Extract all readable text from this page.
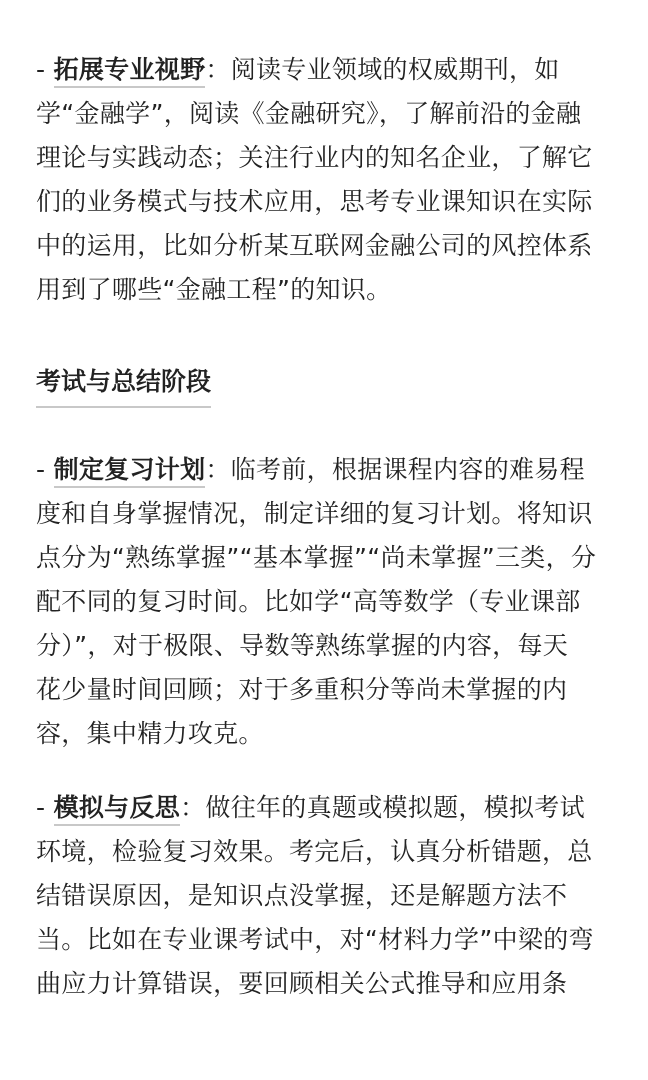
- 拓展专业视野：阅读专业领域的权威期刊，如
学“金融学”，阅读《金融研究》，了解前沿的金融
理论与实践动态；关注行业内的知名企业，了解它
们的业务模式与技术应用，思考专业课知识在实际
中的运用，比如分析某互联网金融公司的风控体系
用到了哪些“金融工程”的知识。
考试与总结阶段
- 制定复习计划：临考前，根据课程内容的难易程
度和自身掌握情况，制定详细的复习计划。将知识
点分为“熟练掌握”“基本掌握”“尚未掌握”三类，分
配不同的复习时间。比如学“高等数学（专业课部
分）”，对于极限、导数等熟练掌握的内容，每天
花少量时间回顾；对于多重积分等尚未掌握的内
容，集中精力攻克。
- 模拟与反思：做往年的真题或模拟题，模拟考试
环境，检验复习效果。考完后，认真分析错题，总
结错误原因，是知识点没掌握，还是解题方法不
当。比如在专业课考试中，对“材料力学”中梁的弯
曲应力计算错误，要回顾相关公式推导和应用条
